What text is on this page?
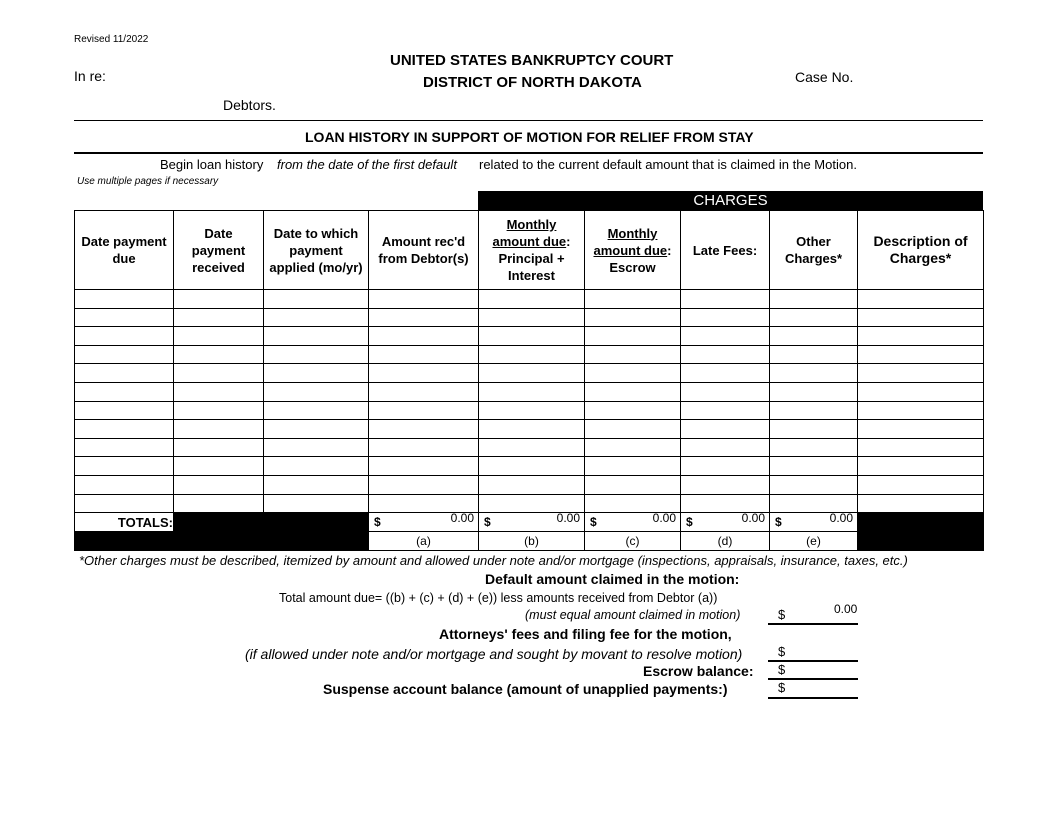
Revised 11/2022
In re:
UNITED STATES BANKRUPTCY COURT
DISTRICT OF NORTH DAKOTA	Case No.
Debtors.
LOAN HISTORY IN SUPPORT OF MOTION FOR RELIEF FROM STAY
Begin loan history from the date of the first default related to the current default amount that is claimed in the Motion.
Use multiple pages if necessary
CHARGES
Date payment
due	Date
payment
received	Date to which
payment
applied (mo/yr)	Amount rec'd
from Debtor(s)	Monthly
amount due:
Principal +
Interest	Monthly
amount due:
Escrow	Late Fees:	Other
Charges*	Description of
Charges*

TOTALS:			$ 0.00	$ 0.00	$ 0.00	$ 0.00	$ 0.00	

			(a)	(b)	(c)	(d)	(e)	
*Other charges must be described, itemized by amount and allowed under note and/or mortgage (inspections, appraisals, insurance, taxes, etc.)
Default amount claimed in the motion:
Total amount due= ((b) + (c) + (d) + (e)) less amounts received from Debtor (a))
(must equal amount claimed in motion)	$	0.00
Attorneys' fees and filing fee for the motion,
(if allowed under note and/or mortgage and sought by movant to resolve motion)	$
Escrow balance: $
Suspense account balance (amount of unapplied payments:)	$
